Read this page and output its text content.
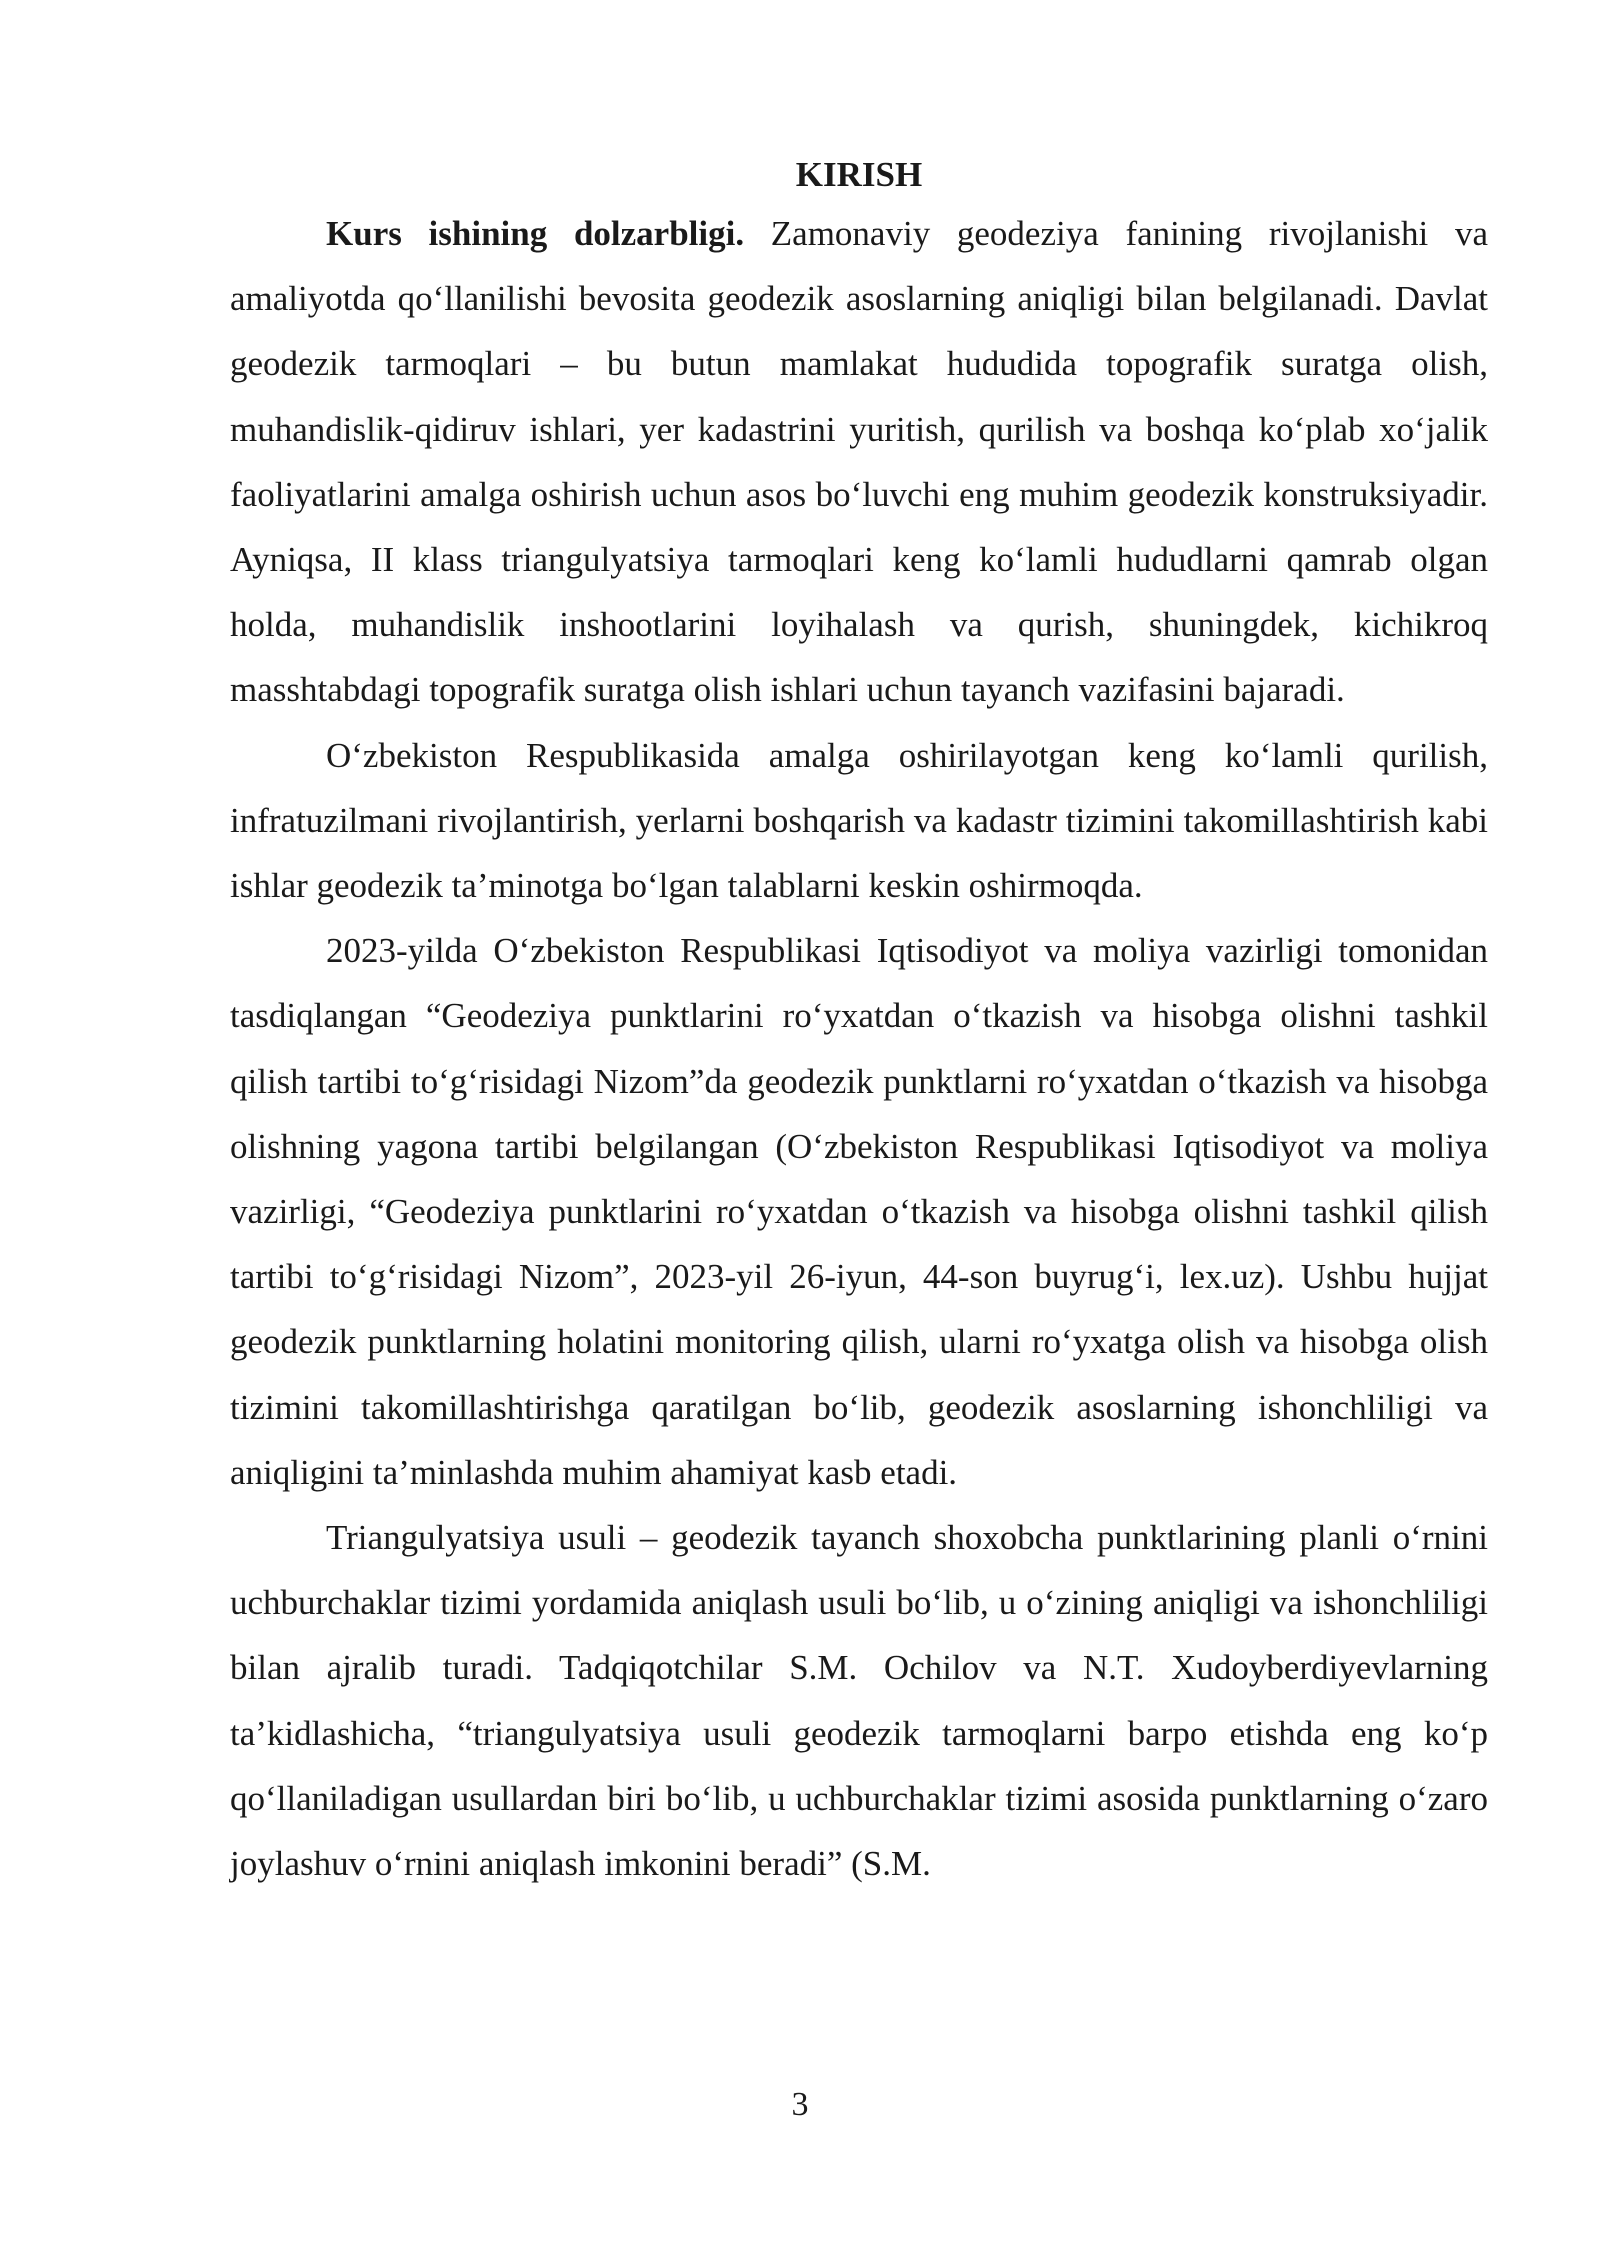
KIRISH

Kurs ishining dolzarbligi. Zamonaviy geodeziya fanining rivojlanishi va amaliyotda qo‘llanilishi bevosita geodezik asoslarning aniqligi bilan belgilanadi. Davlat geodezik tarmoqlari – bu butun mamlakat hududida topografik suratga olish, muhandislik-qidiruv ishlari, yer kadastrini yuritish, qurilish va boshqa ko‘plab xo‘jalik faoliyatlarini amalga oshirish uchun asos bo‘luvchi eng muhim geodezik konstruksiyadir. Ayniqsa, II klass triangulyatsiya tarmoqlari keng ko‘lamli hududlarni qamrab olgan holda, muhandislik inshootlarini loyihalash va qurish, shuningdek, kichikroq masshtabdagi topografik suratga olish ishlari uchun tayanch vazifasini bajaradi.

O‘zbekiston Respublikasida amalga oshirilayotgan keng ko‘lamli qurilish, infratuzilmani rivojlantirish, yerlarni boshqarish va kadastr tizimini takomillashtirish kabi ishlar geodezik ta’minotga bo‘lgan talablarni keskin oshirmoqda.

2023-yilda O‘zbekiston Respublikasi Iqtisodiyot va moliya vazirligi tomonidan tasdiqlangan “Geodeziya punktlarini ro‘yxatdan o‘tkazish va hisobga olishni tashkil qilish tartibi to‘g‘risidagi Nizom”da geodezik punktlarni ro‘yxatdan o‘tkazish va hisobga olishning yagona tartibi belgilangan (O‘zbekiston Respublikasi Iqtisodiyot va moliya vazirligi, “Geodeziya punktlarini ro‘yxatdan o‘tkazish va hisobga olishni tashkil qilish tartibi to‘g‘risidagi Nizom”, 2023-yil 26-iyun, 44-son buyrug‘i, lex.uz). Ushbu hujjat geodezik punktlarning holatini monitoring qilish, ularni ro‘yxatga olish va hisobga olish tizimini takomillashtirishga qaratilgan bo‘lib, geodezik asoslarning ishonchliligi va aniqligini ta’minlashda muhim ahamiyat kasb etadi.

Triangulyatsiya usuli – geodezik tayanch shoxobcha punktlarining planli o‘rnini uchburchaklar tizimi yordamida aniqlash usuli bo‘lib, u o‘zining aniqligi va ishonchliligi bilan ajralib turadi. Tadqiqotchilar S.M. Ochilov va N.T. Xudoyberdiyevlarning ta’kidlashicha, “triangulyatsiya usuli geodezik tarmoqlarni barpo etishda eng ko‘p qo‘llaniladigan usullardan biri bo‘lib, u uchburchaklar tizimi asosida punktlarning o‘zaro joylashuv o‘rnini aniqlash imkonini beradi” (S.M.

3
